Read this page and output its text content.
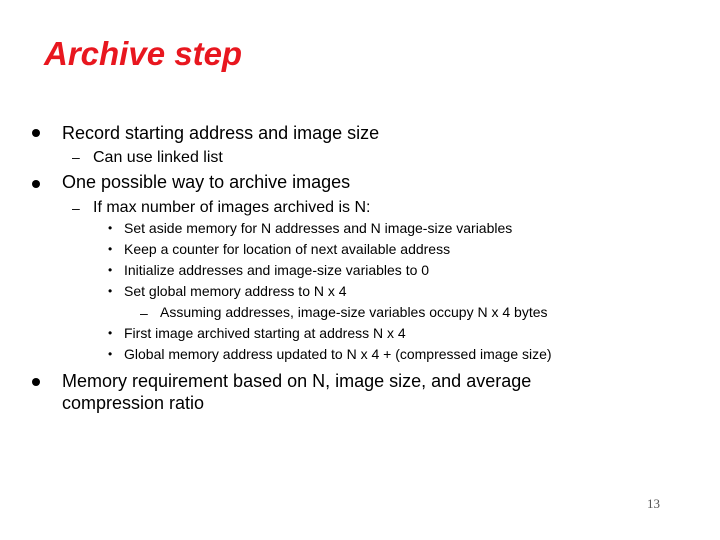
Archive step
Record starting address and image size
– Can use linked list
One possible way to archive images
– If max number of images archived is N:
• Set aside memory for N addresses and N image-size variables
• Keep a counter for location of next available address
• Initialize addresses and image-size variables to 0
• Set global memory address to N x 4
– Assuming addresses, image-size variables occupy N x 4 bytes
• First image archived starting at address N x 4
• Global memory address updated to N x 4 + (compressed image size)
Memory requirement based on N, image size, and average
compression ratio
13
